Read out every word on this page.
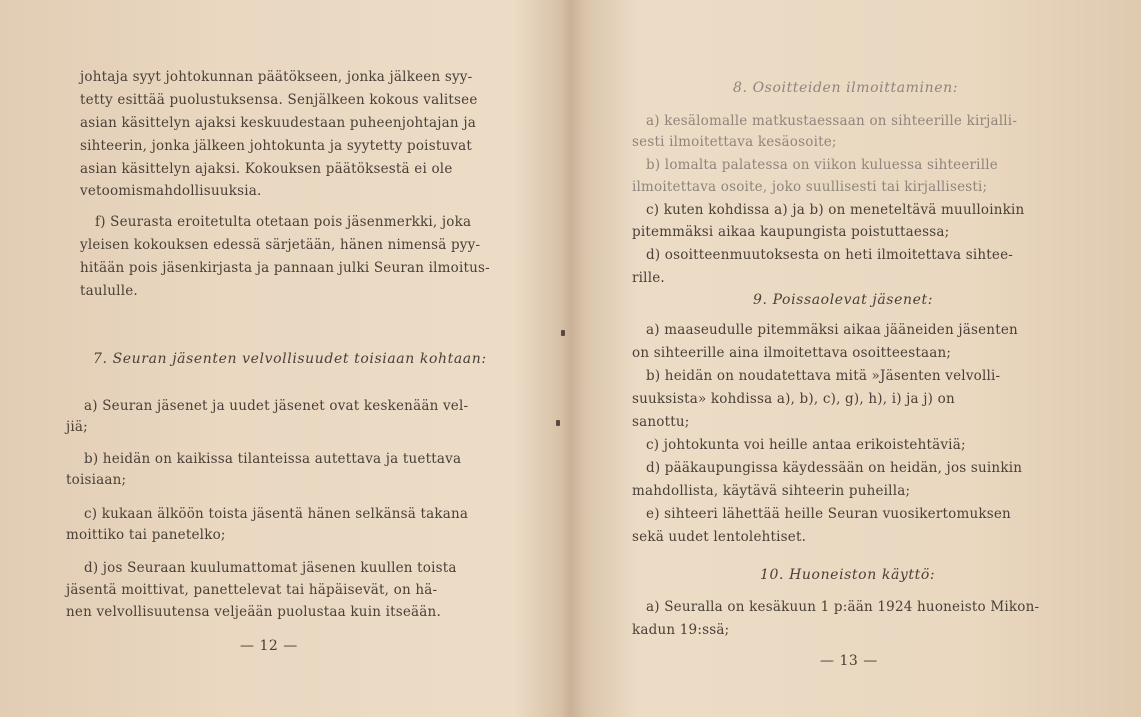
johtaja syyt johtokunnan päätökseen, jonka jälkeen syy-
tetty esittää puolustuksensa. Senjälkeen kokous valitsee
asian käsittelyn ajaksi keskuudestaan puheenjohtajan ja
sihteerin, jonka jälkeen johtokunta ja syytetty poistuvat
asian käsittelyn ajaksi. Kokouksen päätöksestä ei ole
vetoomismahdollisuuksia.
f) Seurasta eroitetulta otetaan pois jäsenmerkki, joka
yleisen kokouksen edessä särjetään, hänen nimensä pyy-
hitään pois jäsenkirjasta ja pannaan julki Seuran ilmoitus-
taululle.
7. Seuran jäsenten velvollisuudet toisiaan kohtaan:
a) Seuran jäsenet ja uudet jäsenet ovat keskenään vel-
jiä;
b) heidän on kaikissa tilanteissa autettava ja tuettava
toisiaan;
c) kukaan älköön toista jäsentä hänen selkänsä takana
moittiko tai panetelko;
d) jos Seuraan kuulumattomat jäsenen kuullen toista
jäsentä moittivat, panettelevat tai häpäisevät, on hä-
nen velvollisuutensa veljeään puolustaa kuin itseään.
— 12 —
8. Osoitteiden ilmoittaminen:
a) kesälomalle matkustaessaan on sihteerille kirjalli-
sesti ilmoitettava kesäosoite;
b) lomalta palatessa on viikon kuluessa sihteerille
ilmoitettava osoite, joko suullisesti tai kirjallisesti;
c) kuten kohdissa a) ja b) on meneteltävä muulloinkin
pitemmäksi aikaa kaupungista poistuttaessa;
d) osoitteenmuutoksesta on heti ilmoitettava sihtee-
rille.
9. Poissaolevat jäsenet:
a) maaseudulle pitemmäksi aikaa jääneiden jäsenten
on sihteerille aina ilmoitettava osoitteestaan;
b) heidän on noudatettava mitä »Jäsenten velvolli-
suuksista» kohdissa a), b), c), g), h), i) ja j) on
sanottu;
c) johtokunta voi heille antaa erikoistehtäviä;
d) pääkaupungissa käydessään on heidän, jos suinkin
mahdollista, käytävä sihteerin puheilla;
e) sihteeri lähettää heille Seuran vuosikertomuksen
sekä uudet lentolehtiset.
10. Huoneiston käyttö:
a) Seuralla on kesäkuun 1 p:ään 1924 huoneisto Mikon-
kadun 19:ssä;
— 13 —
